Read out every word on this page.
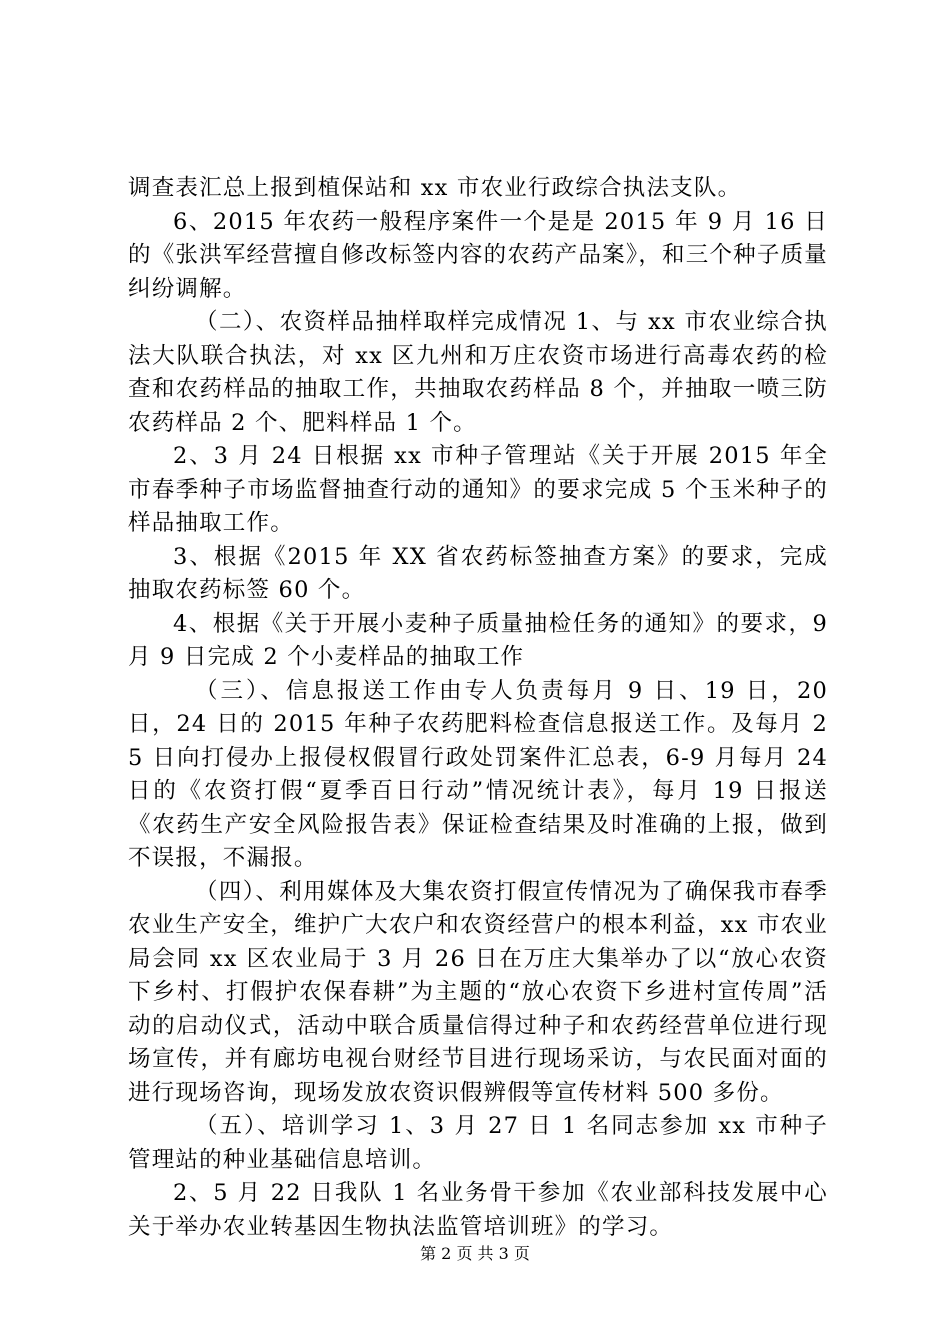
调查表汇总上报到植保站和 xx 市农业行政综合执法支队。

6、2015 年农药一般程序案件一个是是 2015 年 9 月 16 日的《张洪军经营擅自修改标签内容的农药产品案》，和三个种子质量纠纷调解。

（二）、农资样品抽样取样完成情况 1、与 xx 市农业综合执法大队联合执法，对 xx 区九州和万庄农资市场进行高毒农药的检查和农药样品的抽取工作，共抽取农药样品 8 个，并抽取一喷三防农药样品 2 个、肥料样品 1 个。

2、3 月 24 日根据 xx 市种子管理站《关于开展 2015 年全市春季种子市场监督抽查行动的通知》的要求完成 5 个玉米种子的样品抽取工作。

3、根据《2015 年 XX 省农药标签抽查方案》的要求，完成抽取农药标签 60 个。

4、根据《关于开展小麦种子质量抽检任务的通知》的要求，9 月 9 日完成 2 个小麦样品的抽取工作

（三）、信息报送工作由专人负责每月 9 日、19 日，20 日，24 日的 2015 年种子农药肥料检查信息报送工作。及每月 25 日向打侵办上报侵权假冒行政处罚案件汇总表，6-9 月每月 24 日的《农资打假“夏季百日行动”情况统计表》，每月 19 日报送《农药生产安全风险报告表》保证检查结果及时准确的上报，做到不误报，不漏报。

（四）、利用媒体及大集农资打假宣传情况为了确保我市春季农业生产安全，维护广大农户和农资经营户的根本利益，xx 市农业局会同 xx 区农业局于 3 月 26 日在万庄大集举办了以“放心农资下乡村、打假护农保春耕”为主题的“放心农资下乡进村宣传周”活动的启动仪式，活动中联合质量信得过种子和农药经营单位进行现场宣传，并有廊坊电视台财经节目进行现场采访，与农民面对面的进行现场咨询，现场发放农资识假辨假等宣传材料 500 多份。

（五）、培训学习 1、3 月 27 日 1 名同志参加 xx 市种子管理站的种业基础信息培训。

2、5 月 22 日我队 1 名业务骨干参加《农业部科技发展中心关于举办农业转基因生物执法监管培训班》的学习。

第 2 页 共 3 页
